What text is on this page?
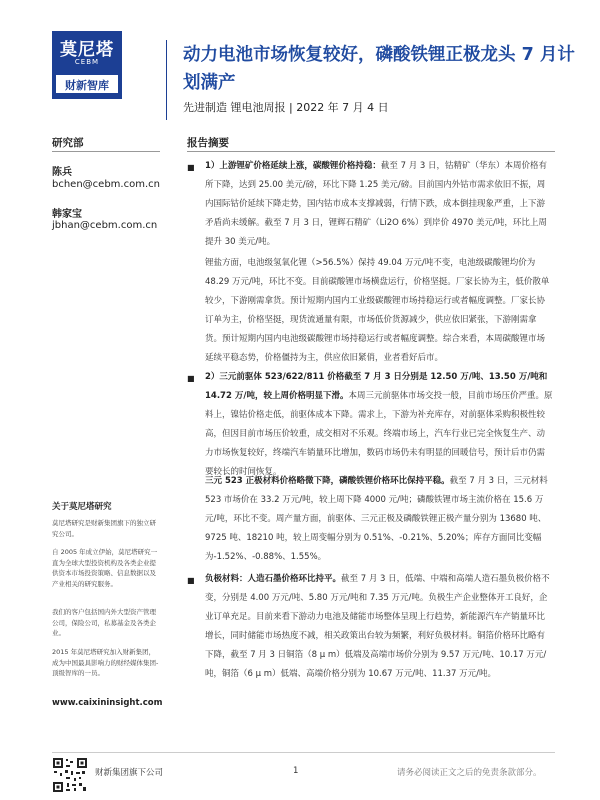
莫尼塔
CEBM
财新智库
动力电池市场恢复较好，磷酸铁锂正极龙头 7 月计划满产
先进制造 锂电池周报 | 2022 年 7 月 4 日
研究部
陈兵
bchen@cebm.com.cn
韩家宝
jbhan@cebm.com.cn
关于莫尼塔研究
莫尼塔研究是财新集团旗下的独立研究公司。
自 2005 年成立伊始，莫尼塔研究一直为全球大型投资机构及各类企业提供资本市场投资策略、信息数据以及产业相关的研究服务。
我们的客户包括国内外大型资产管理公司，保险公司，私募基金及各类企业。
2015 年莫尼塔研究加入财新集团，成为中国最具影响力的财经媒体集团-顶级智库的一员。
www.caixininsight.com
报告摘要
■ 1）上游锂矿价格延续上涨，碳酸锂价格持稳：截至 7 月 3 日，钴精矿（华东）本周价格有所下降，达到 25.00 美元/磅，环比下降 1.25 美元/磅。目前国内外钴市需求依旧不振，周内国际钴价延续下降走势，国内钴市成本支撑减弱，行情下跌，成本倒挂现象严重，上下游矛盾尚未缓解。截至 7 月 3 日，锂辉石精矿（Li2O 6%）到岸价 4970 美元/吨，环比上周提升 30 美元/吨。
锂盐方面，电池级氢氧化锂（>56.5%）保持 49.04 万元/吨不变，电池级碳酸锂均价为 48.29 万元/吨，环比不变。目前碳酸锂市场横盘运行，价格坚挺。厂家长协为主，低价散单较少，下游刚需拿货。预计短期内国内工业级碳酸锂市场持稳运行或者幅度调整。厂家长协订单为主，价格坚挺，现货流通量有限，市场低价货源减少，供应依旧紧张，下游刚需拿货。预计短期内国内电池级碳酸锂市场持稳运行或者幅度调整。综合来看，本周碳酸锂市场延续平稳态势，价格僵持为主，供应依旧紧俏，业者看好后市。
■ 2）三元前驱体 523/622/811 价格截至 7 月 3 日分别是 12.50 万/吨、13.50 万/吨和 14.72 万/吨，较上周价格明显下滑。本周三元前驱体市场交投一般，目前市场压价严重。原料上，镍钴价格走低，前驱体成本下降。需求上，下游为补充库存，对前驱体采购积极性较高，但因目前市场压价较重，成交相对不乐观。终端市场上，汽车行业已完全恢复生产、动力市场恢复较好，终端汽车销量环比增加，数码市场仍未有明显的回暖信号，预计后市仍需要较长的时间恢复。
三元 523 正极材料价格略微下降，磷酸铁锂价格环比保持平稳。截至 7 月 3 日，三元材料 523 市场价在 33.2 万元/吨，较上周下降 4000 元/吨；磷酸铁锂市场主流价格在 15.6 万元/吨，环比不变。周产量方面，前驱体、三元正极及磷酸铁锂正极产量分别为 13680 吨、9725 吨、18210 吨，较上周变幅分别为 0.51%、-0.21%、5.20%；库存方面同比变幅为-1.52%、-0.88%、1.55%。
■ 负极材料：人造石墨价格环比持平。截至 7 月 3 日，低端、中端和高端人造石墨负极价格不变，分别是 4.00 万元/吨、5.80 万元/吨和 7.35 万元/吨。负极生产企业整体开工良好，企业订单充足。目前来看下游动力电池及储能市场整体呈现上行趋势，新能源汽车产销量环比增长，同时储能市场热度不减，相关政策出台较为频繁，利好负极材料。铜箔价格环比略有下降，截至 7 月 3 日铜箔（8 μ m）低端及高端市场价分别为 9.57 万元/吨、10.17 万元/吨，铜箔（6 μ m）低端、高端价格分别为 10.67 万元/吨、11.37 万元/吨。
财新集团旗下公司	1	请务必阅读正文之后的免责条款部分。
